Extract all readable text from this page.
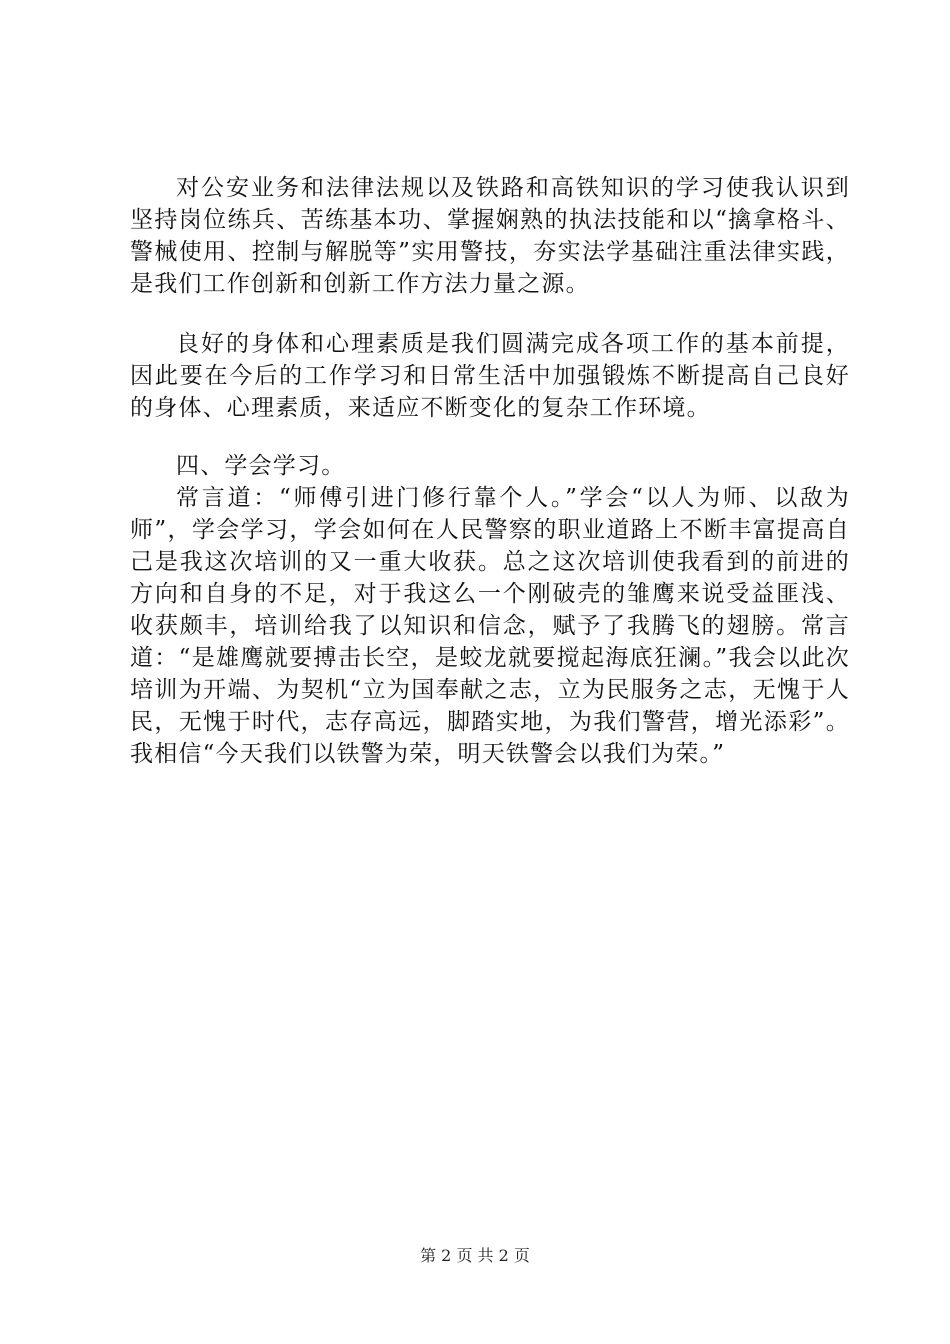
对公安业务和法律法规以及铁路和高铁知识的学习使我认识到坚持岗位练兵、苦练基本功、掌握娴熟的执法技能和以“擒拿格斗、警械使用、控制与解脱等”实用警技，夯实法学基础注重法律实践，是我们工作创新和创新工作方法力量之源。

良好的身体和心理素质是我们圆满完成各项工作的基本前提，因此要在今后的工作学习和日常生活中加强锻炼不断提高自己良好的身体、心理素质，来适应不断变化的复杂工作环境。

四、学会学习。

常言道：“师傅引进门修行靠个人。”学会“以人为师、以敌为师”，学会学习，学会如何在人民警察的职业道路上不断丰富提高自己是我这次培训的又一重大收获。总之这次培训使我看到的前进的方向和自身的不足，对于我这么一个刚破壳的雏鹰来说受益匪浅、收获颇丰，培训给我了以知识和信念，赋予了我腾飞的翅膀。常言道：“是雄鹰就要搏击长空，是蛟龙就要搅起海底狂澜。”我会以此次培训为开端、为契机“立为国奉献之志，立为民服务之志，无愧于人民，无愧于时代，志存高远，脚踏实地，为我们警营，增光添彩”。我相信“今天我们以铁警为荣，明天铁警会以我们为荣。”

第 2 页 共 2 页
